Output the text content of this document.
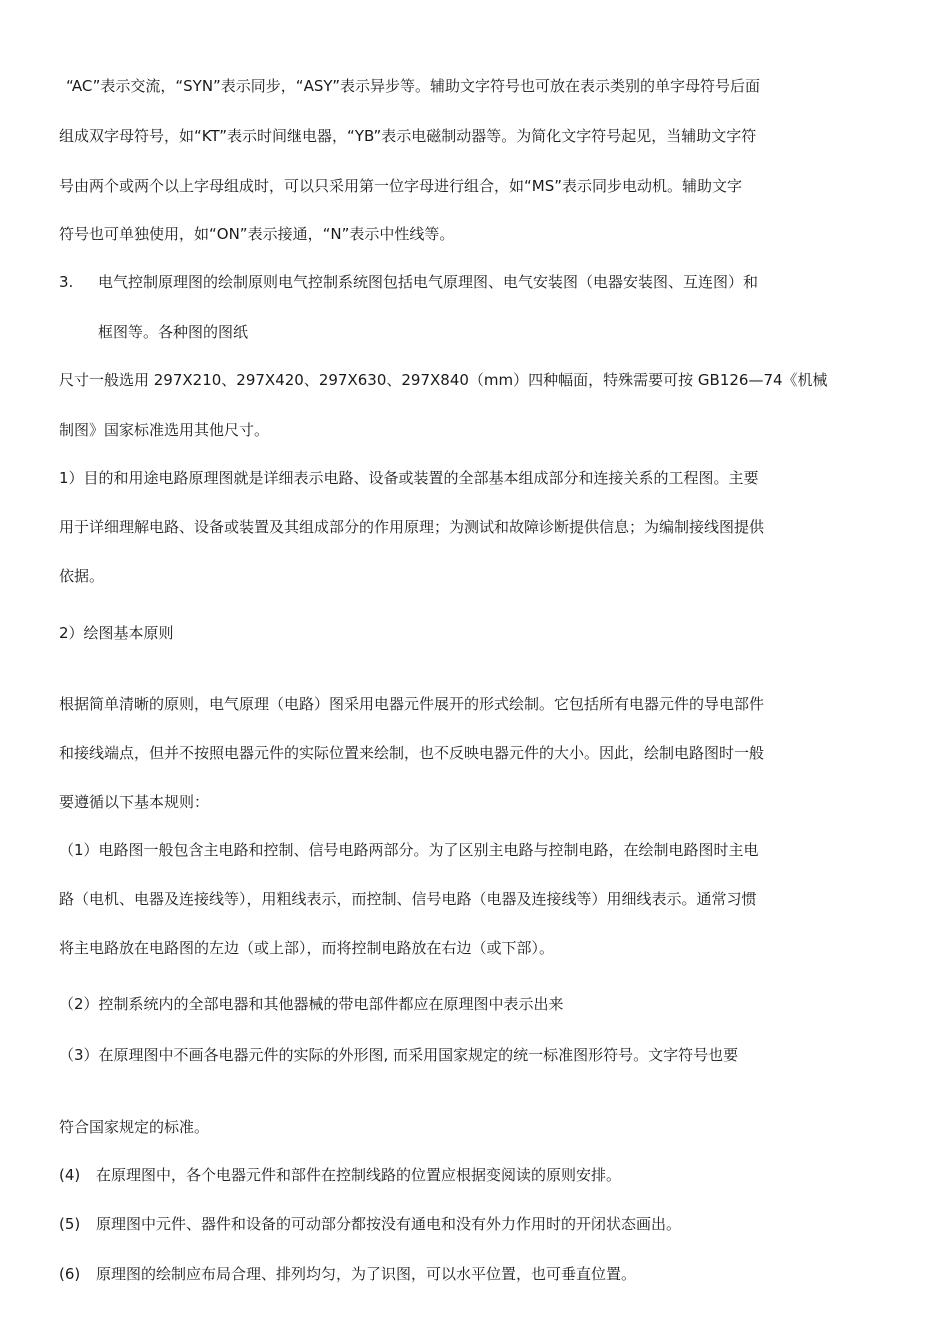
“AC”表示交流，“SYN”表示同步，“ASY”表示异步等。辅助文字符号也可放在表示类别的单字母符号后面
组成双字母符号，如“KT”表示时间继电器，“YB”表示电磁制动器等。为简化文字符号起见，当辅助文字符
号由两个或两个以上字母组成时，可以只采用第一位字母进行组合，如“MS”表示同步电动机。辅助文字
符号也可单独使用，如“ON”表示接通，“N”表示中性线等。
3. 电气控制原理图的绘制原则电气控制系统图包括电气原理图、电气安装图（电器安装图、互连图）和
框图等。各种图的图纸
尺寸一般选用 297X210、297X420、297X630、297X840（mm）四种幅面，特殊需要可按 GB126—74《机械
制图》国家标准选用其他尺寸。
1）目的和用途电路原理图就是详细表示电路、设备或装置的全部基本组成部分和连接关系的工程图。主要
用于详细理解电路、设备或装置及其组成部分的作用原理；为测试和故障诊断提供信息；为编制接线图提供
依据。
2）绘图基本原则
根据简单清晰的原则，电气原理（电路）图采用电器元件展开的形式绘制。它包括所有电器元件的导电部件
和接线端点，但并不按照电器元件的实际位置来绘制，也不反映电器元件的大小。因此，绘制电路图时一般
要遵循以下基本规则：
（1）电路图一般包含主电路和控制、信号电路两部分。为了区别主电路与控制电路，在绘制电路图时主电
路（电机、电器及连接线等），用粗线表示，而控制、信号电路（电器及连接线等）用细线表示。通常习惯
将主电路放在电路图的左边（或上部），而将控制电路放在右边（或下部）。
（2）控制系统内的全部电器和其他器械的带电部件都应在原理图中表示出来
（3）在原理图中不画各电器元件的实际的外形图, 而采用国家规定的统一标准图形符号。文字符号也要
符合国家规定的标准。
(4) 在原理图中，各个电器元件和部件在控制线路的位置应根据变阅读的原则安排。
(5) 原理图中元件、器件和设备的可动部分都按没有通电和没有外力作用时的开闭状态画出。
(6) 原理图的绘制应布局合理、排列均匀，为了识图，可以水平位置，也可垂直位置。
